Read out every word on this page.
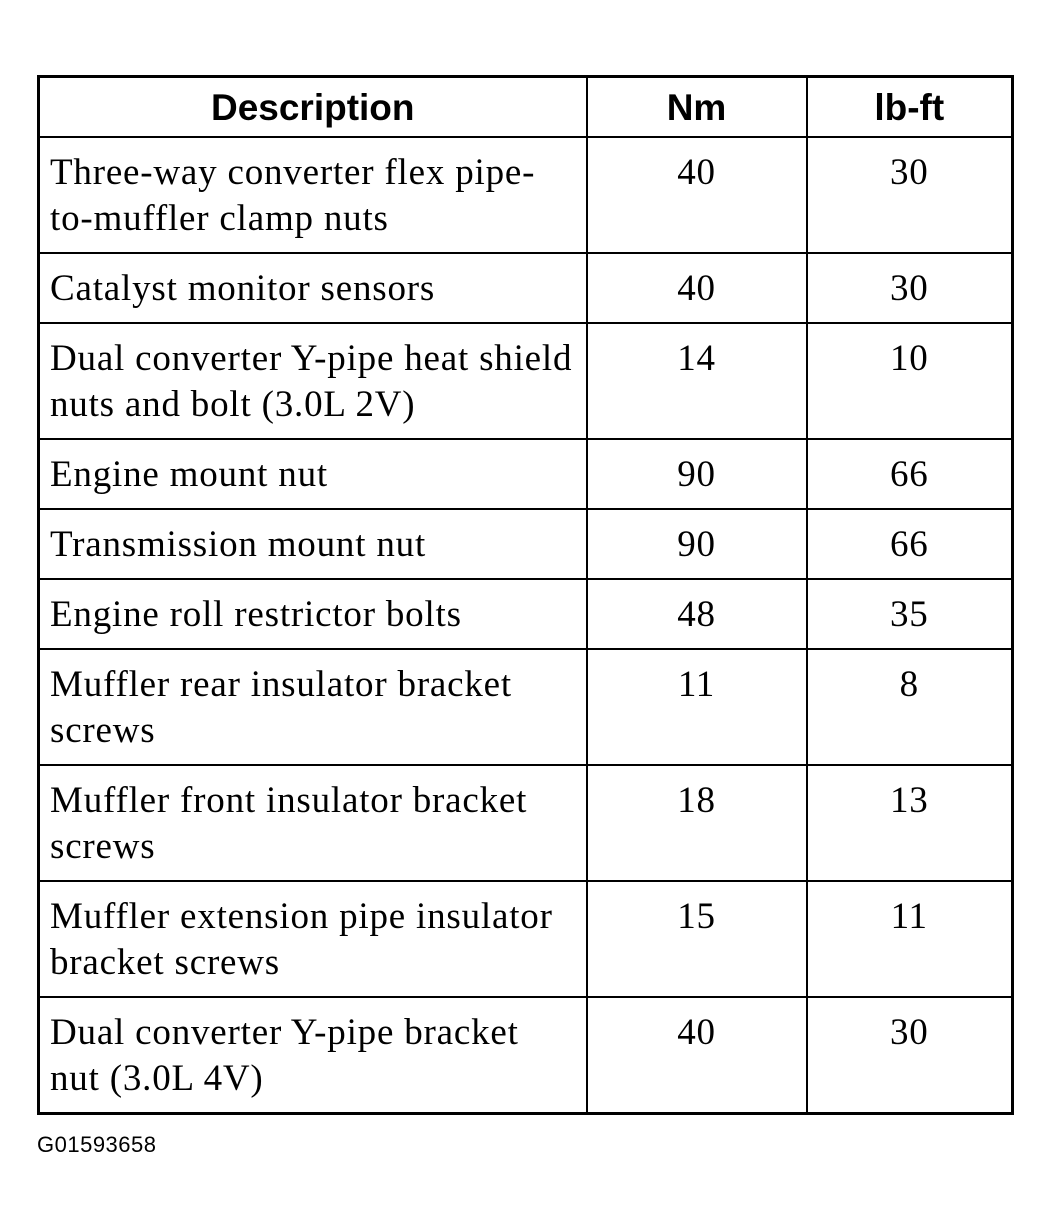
Description	Nm	lb-ft
Three-way converter flex pipe-to-muffler clamp nuts	40	30
Catalyst monitor sensors	40	30
Dual converter Y-pipe heat shield nuts and bolt (3.0L 2V)	14	10
Engine mount nut	90	66
Transmission mount nut	90	66
Engine roll restrictor bolts	48	35
Muffler rear insulator bracket screws	11	8
Muffler front insulator bracket screws	18	13
Muffler extension pipe insulator bracket screws	15	11
Dual converter Y-pipe bracket nut (3.0L 4V)	40	30
G01593658
